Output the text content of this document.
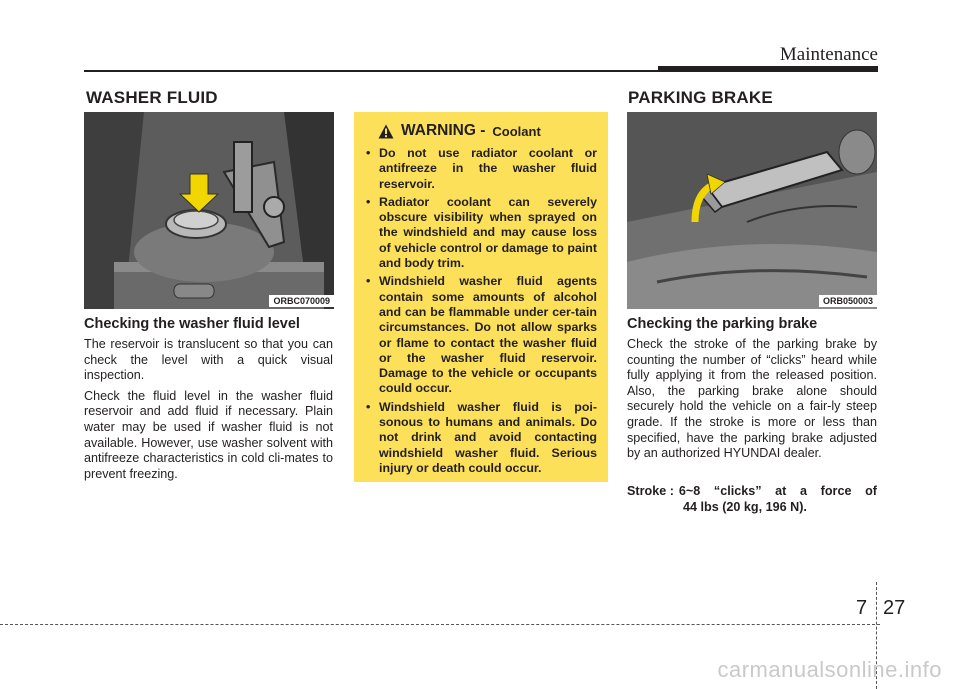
Maintenance
WASHER FLUID
ORBC070009
Checking the washer fluid level

The reservoir is translucent so that you can check the level with a quick visual inspection.

Check the fluid level in the washer fluid reservoir and add fluid if necessary. Plain water may be used if washer fluid is not available. However, use washer solvent with antifreeze characteristics in cold cli-mates to prevent freezing.

WARNING - Coolant
• Do not use radiator coolant or antifreeze in the washer fluid reservoir.
• Radiator coolant can severely obscure visibility when sprayed on the windshield and may cause loss of vehicle control or damage to paint and body trim.
• Windshield washer fluid agents contain some amounts of alcohol and can be flammable under cer-tain circumstances. Do not allow sparks or flame to contact the washer fluid or the washer fluid reservoir. Damage to the vehicle or occupants could occur.
• Windshield washer fluid is poi-sonous to humans and animals. Do not drink and avoid contacting windshield washer fluid. Serious injury or death could occur.
PARKING BRAKE
ORB050003
Checking the parking brake

Check the stroke of the parking brake by counting the number of “clicks” heard while fully applying it from the released position. Also, the parking brake alone should securely hold the vehicle on a fair-ly steep grade. If the stroke is more or less than specified, have the parking brake adjusted by an authorized HYUNDAI dealer.

Stroke : 6~8 “clicks” at a force of
44 lbs (20 kg, 196 N).
7 27
carmanualsonline.info
